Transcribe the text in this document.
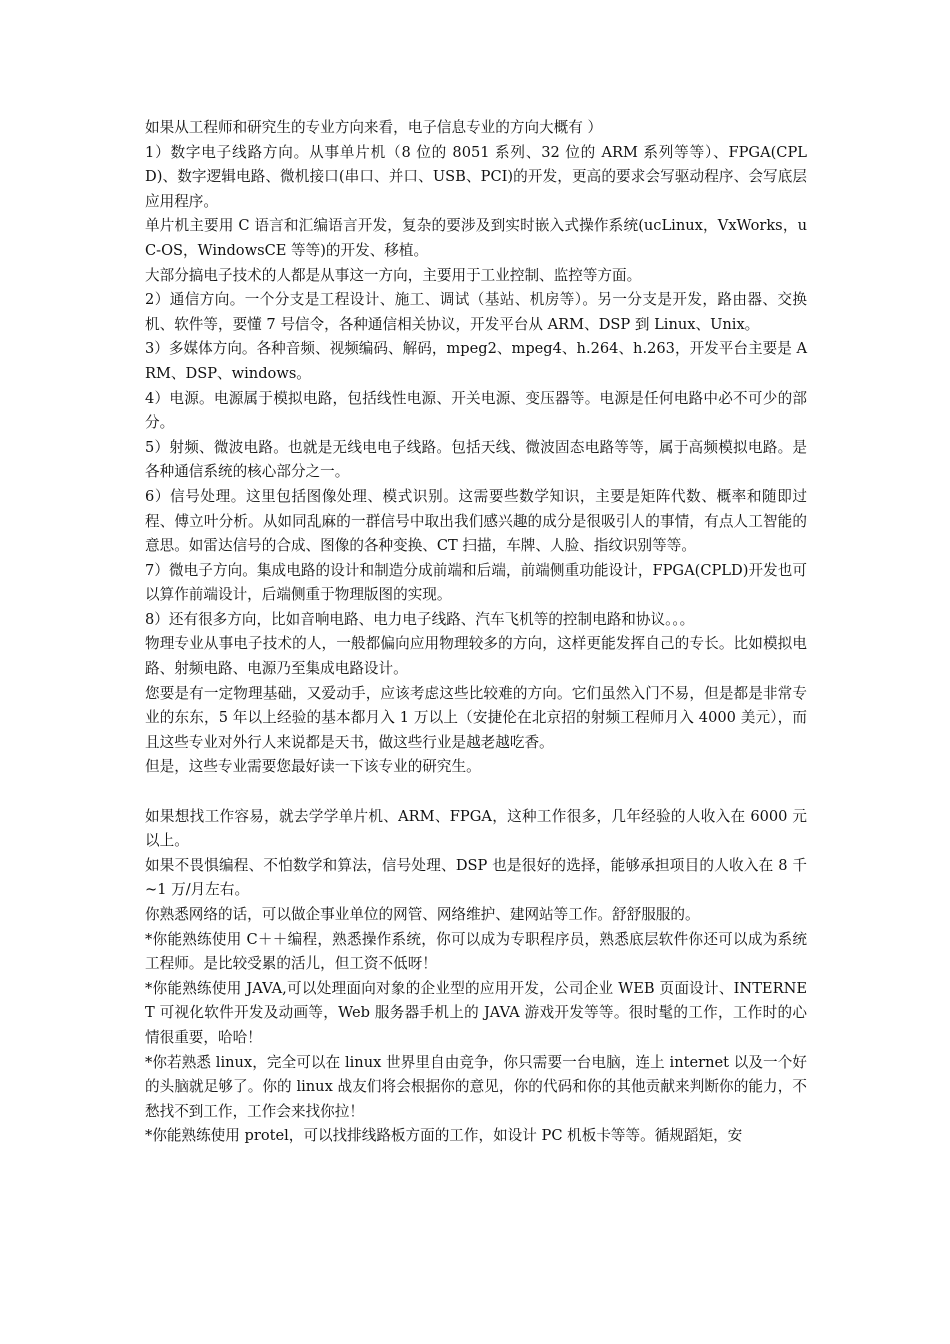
如果从工程师和研究生的专业方向来看，电子信息专业的方向大概有 ）

1）数字电子线路方向。从事单片机（8 位的 8051 系列、32 位的 ARM 系列等等）、FPGA(CPLD)、数字逻辑电路、微机接口(串口、并口、USB、PCI)的开发，更高的要求会写驱动程序、会写底层应用程序。

单片机主要用 C 语言和汇编语言开发，复杂的要涉及到实时嵌入式操作系统(ucLinux，VxWorks，uC-OS，WindowsCE 等等)的开发、移植。

大部分搞电子技术的人都是从事这一方向，主要用于工业控制、监控等方面。

2）通信方向。一个分支是工程设计、施工、调试（基站、机房等）。另一分支是开发，路由器、交换机、软件等，要懂 7 号信令，各种通信相关协议，开发平台从 ARM、DSP 到 Linux、Unix。

3）多媒体方向。各种音频、视频编码、解码，mpeg2、mpeg4、h.264、h.263，开发平台主要是 ARM、DSP、windows。

4）电源。电源属于模拟电路，包括线性电源、开关电源、变压器等。电源是任何电路中必不可少的部分。

5）射频、微波电路。也就是无线电电子线路。包括天线、微波固态电路等等，属于高频模拟电路。是各种通信系统的核心部分之一。

6）信号处理。这里包括图像处理、模式识别。这需要些数学知识，主要是矩阵代数、概率和随即过程、傅立叶分析。从如同乱麻的一群信号中取出我们感兴趣的成分是很吸引人的事情，有点人工智能的意思。如雷达信号的合成、图像的各种变换、CT 扫描，车牌、人脸、指纹识别等等。

7）微电子方向。集成电路的设计和制造分成前端和后端，前端侧重功能设计，FPGA(CPLD)开发也可以算作前端设计，后端侧重于物理版图的实现。

8）还有很多方向，比如音响电路、电力电子线路、汽车飞机等的控制电路和协议。。。

物理专业从事电子技术的人，一般都偏向应用物理较多的方向，这样更能发挥自己的专长。比如模拟电路、射频电路、电源乃至集成电路设计。

您要是有一定物理基础，又爱动手，应该考虑这些比较难的方向。它们虽然入门不易，但是都是非常专业的东东，5 年以上经验的基本都月入 1 万以上（安捷伦在北京招的射频工程师月入 4000 美元），而且这些专业对外行人来说都是天书，做这些行业是越老越吃香。

但是，这些专业需要您最好读一下该专业的研究生。

如果想找工作容易，就去学学单片机、ARM、FPGA，这种工作很多，几年经验的人收入在 6000 元以上。

如果不畏惧编程、不怕数学和算法，信号处理、DSP 也是很好的选择，能够承担项目的人收入在 8 千~1 万/月左右。

你熟悉网络的话，可以做企事业单位的网管、网络维护、建网站等工作。舒舒服服的。

*你能熟练使用 C＋＋编程，熟悉操作系统，你可以成为专职程序员，熟悉底层软件你还可以成为系统工程师。是比较受累的活儿，但工资不低呀！

*你能熟练使用 JAVA,可以处理面向对象的企业型的应用开发，公司企业 WEB 页面设计、INTERNET 可视化软件开发及动画等，Web 服务器手机上的 JAVA 游戏开发等等。很时髦的工作，工作时的心情很重要，哈哈！

*你若熟悉 linux，完全可以在 linux 世界里自由竞争，你只需要一台电脑，连上 internet 以及一个好的头脑就足够了。你的 linux 战友们将会根据你的意见，你的代码和你的其他贡献来判断你的能力，不愁找不到工作，工作会来找你拉！

*你能熟练使用 protel，可以找排线路板方面的工作，如设计 PC 机板卡等等。循规蹈矩，安
